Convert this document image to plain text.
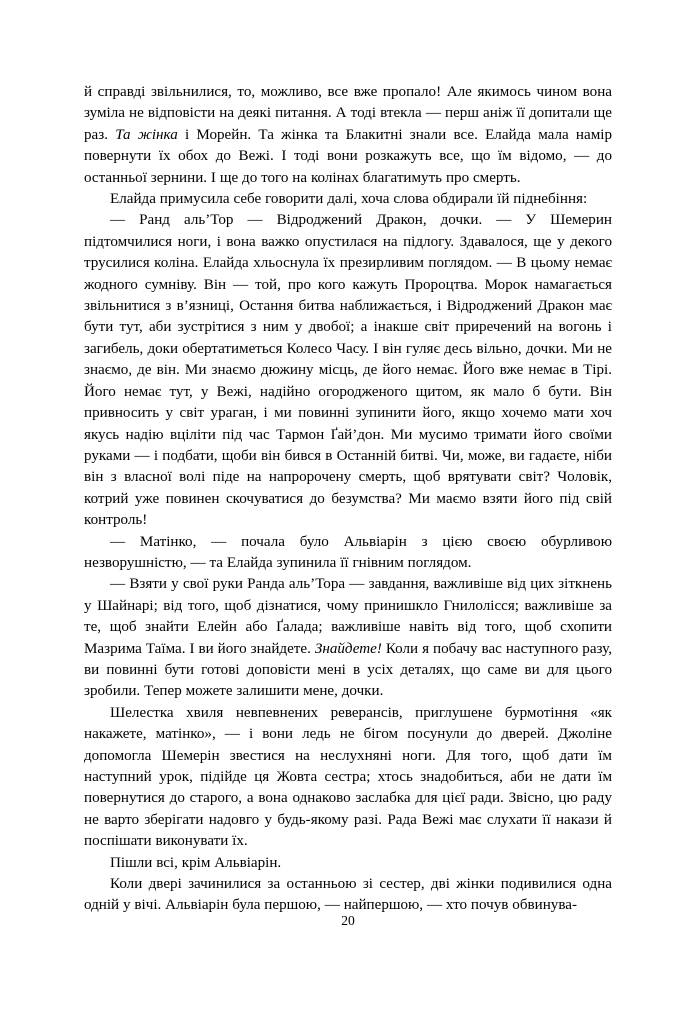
й справді звільнилися, то, можливо, все вже пропало! Але якимось чином вона зуміла не відповісти на деякі питання. А тоді втекла — перш аніж її допитали ще раз. Та жінка і Морейн. Та жінка та Блакитні знали все. Елайда мала намір повернути їх обох до Вежі. І тоді вони розкажуть все, що їм відомо, — до останньої зернини. І ще до того на колінах благатимуть про смерть.

Елайда примусила себе говорити далі, хоча слова обдирали їй піднебіння:

— Ранд аль’Тор — Відроджений Дракон, дочки. — У Шемерин підтомчилися ноги, і вона важко опустилася на підлогу. Здавалося, ще у декого трусилися коліна. Елайда хльоснула їх презирливим поглядом. — В цьому немає жодного сумніву. Він — той, про кого кажуть Пророцтва. Морок намагається звільнитися з в’язниці, Остання битва наближається, і Відроджений Дракон має бути тут, аби зустрітися з ним у двобої; а інакше світ приречений на вогонь і загибель, доки обертатиметься Колесо Часу. І він гуляє десь вільно, дочки. Ми не знаємо, де він. Ми знаємо дюжину місць, де його немає. Його вже немає в Тірі. Його немає тут, у Вежі, надійно огородженого щитом, як мало б бути. Він привносить у світ ураган, і ми повинні зупинити його, якщо хочемо мати хоч якусь надію вціліти під час Тармон Ґай’дон. Ми мусимо тримати його своїми руками — і подбати, щоби він бився в Останній битві. Чи, може, ви гадаєте, ніби він з власної волі піде на напророчену смерть, щоб врятувати світ? Чоловік, котрий уже повинен скочуватися до безумства? Ми маємо взяти його під свій контроль!

— Матінко, — почала було Альвіарін з цією своєю обурливою незворушністю, — та Елайда зупинила її гнівним поглядом.

— Взяти у свої руки Ранда аль’Тора — завдання, важливіше від цих зіткнень у Шайнарі; від того, щоб дізнатися, чому принишкло Гнилолісся; важливіше за те, щоб знайти Елейн або Ґалада; важливіше навіть від того, щоб схопити Мазрима Таїма. І ви його знайдете. Знайдете! Коли я побачу вас наступного разу, ви повинні бути готові доповісти мені в усіх деталях, що саме ви для цього зробили. Тепер можете залишити мене, дочки.

Шелестка хвиля невпевнених реверансів, приглушене бурмотіння «як накажете, матінко», — і вони ледь не бігом посунули до дверей. Джоліне допомогла Шемерін звестися на неслухняні ноги. Для того, щоб дати їм наступний урок, підійде ця Жовта сестра; хтось знадобиться, аби не дати їм повернутися до старого, а вона однаково заслабка для цієї ради. Звісно, цю раду не варто зберігати надовго у будь-якому разі. Рада Вежі має слухати її накази й поспішати виконувати їх.

Пішли всі, крім Альвіарін.

Коли двері зачинилися за останньою зі сестер, дві жінки подивилися одна одній у вічі. Альвіарін була першою, — найпершою, — хто почув обвинува-

20
